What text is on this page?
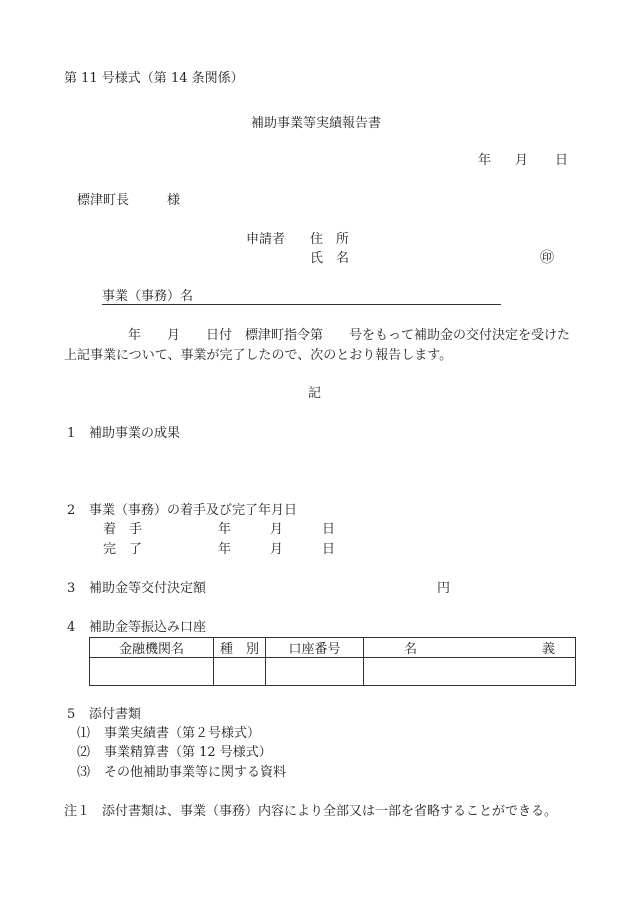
第 11 号様式（第 14 条関係）
補助事業等実績報告書
年 月 日
標津町長	様
申請者 住　所
氏　名	㊞
事業（事務）名
年　　月　　日付　標津町指令第　　号をもって補助金の交付決定を受けた
上記事業について、事業が完了したので、次のとおり報告します。
記
1 補助事業の成果
2 事業（事務）の着手及び完了年月日
着　手	年	月	日
完　了	年	月	日
3 補助金等交付決定額	円
4 補助金等振込み口座
金融機関名	種　別	口座番号	名 義

5 添付書類
⑴ 事業実績書（第２号様式）
⑵ 事業精算書（第 12 号様式）
⑶ その他補助事業等に関する資料
注１ 添付書類は、事業（事務）内容により全部又は一部を省略することができる。
